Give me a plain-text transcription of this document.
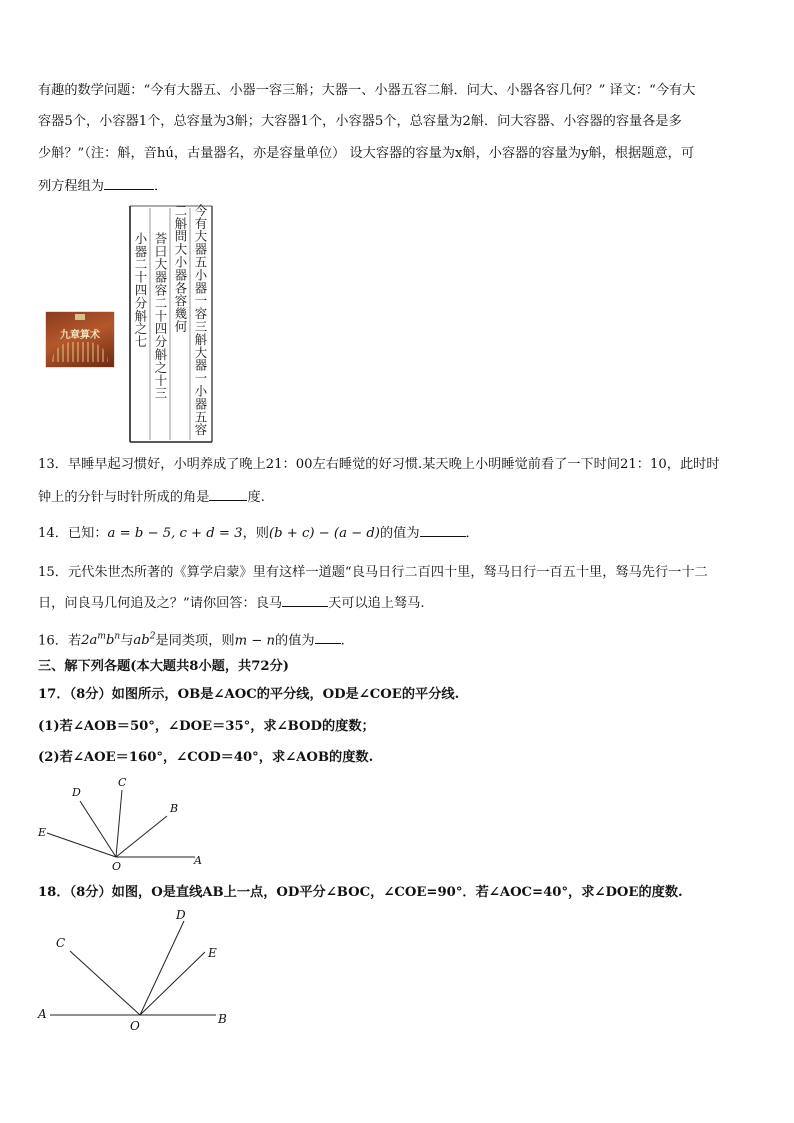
有趣的数学问题：“今有大器五、小器一容三斛；大器一、小器五容二斛．问大、小器各容几何？” 译文：“今有大
容器5个，小容器1个，总容量为3斛；大容器1个，小容器5个，总容量为2斛．问大容器、小容器的容量各是多
少斛？”（注：斛，音hú，古量器名，亦是容量单位） 设大容器的容量为x斛，小容器的容量为y斛，根据题意，可
列方程组为	．
九章算术	今有大器五小器一容三斛大器一小器五容
二斛問大小器各容幾何
荅曰大器容二十四分斛之十三
小器二十四分斛之七
13．早睡早起习惯好，小明养成了晚上21：00左右睡觉的好习惯.某天晚上小明睡觉前看了一下时间21：10，此时时
钟上的分针与时针所成的角是	度.
14．已知：a = b − 5, c + d = 3，则(b + c) − (a − d)的值为	．
15．元代朱世杰所著的《算学启蒙》里有这样一道题“良马日行二百四十里，驽马日行一百五十里，驽马先行一十二
日，问良马几何追及之？”请你回答：良马	天可以追上驽马.
16．若$2a^mb^n$与$ab^2$是同类项，则m − n的值为 .
三、解下列各题(本大题共8小题，共72分)
17．（8分）如图所示，OB是∠AOC的平分线，OD是∠COE的平分线.
(1)若∠AOB＝50°，∠DOE＝35°，求∠BOD的度数；
(2)若∠AOE＝160°，∠COD＝40°，求∠AOB的度数.
C
D
B
E
O	A
18．（8分）如图，O是直线AB上一点，OD平分∠BOC，∠COE=90°．若∠AOC=40°，求∠DOE的度数.
D
C
E
A
O	B
